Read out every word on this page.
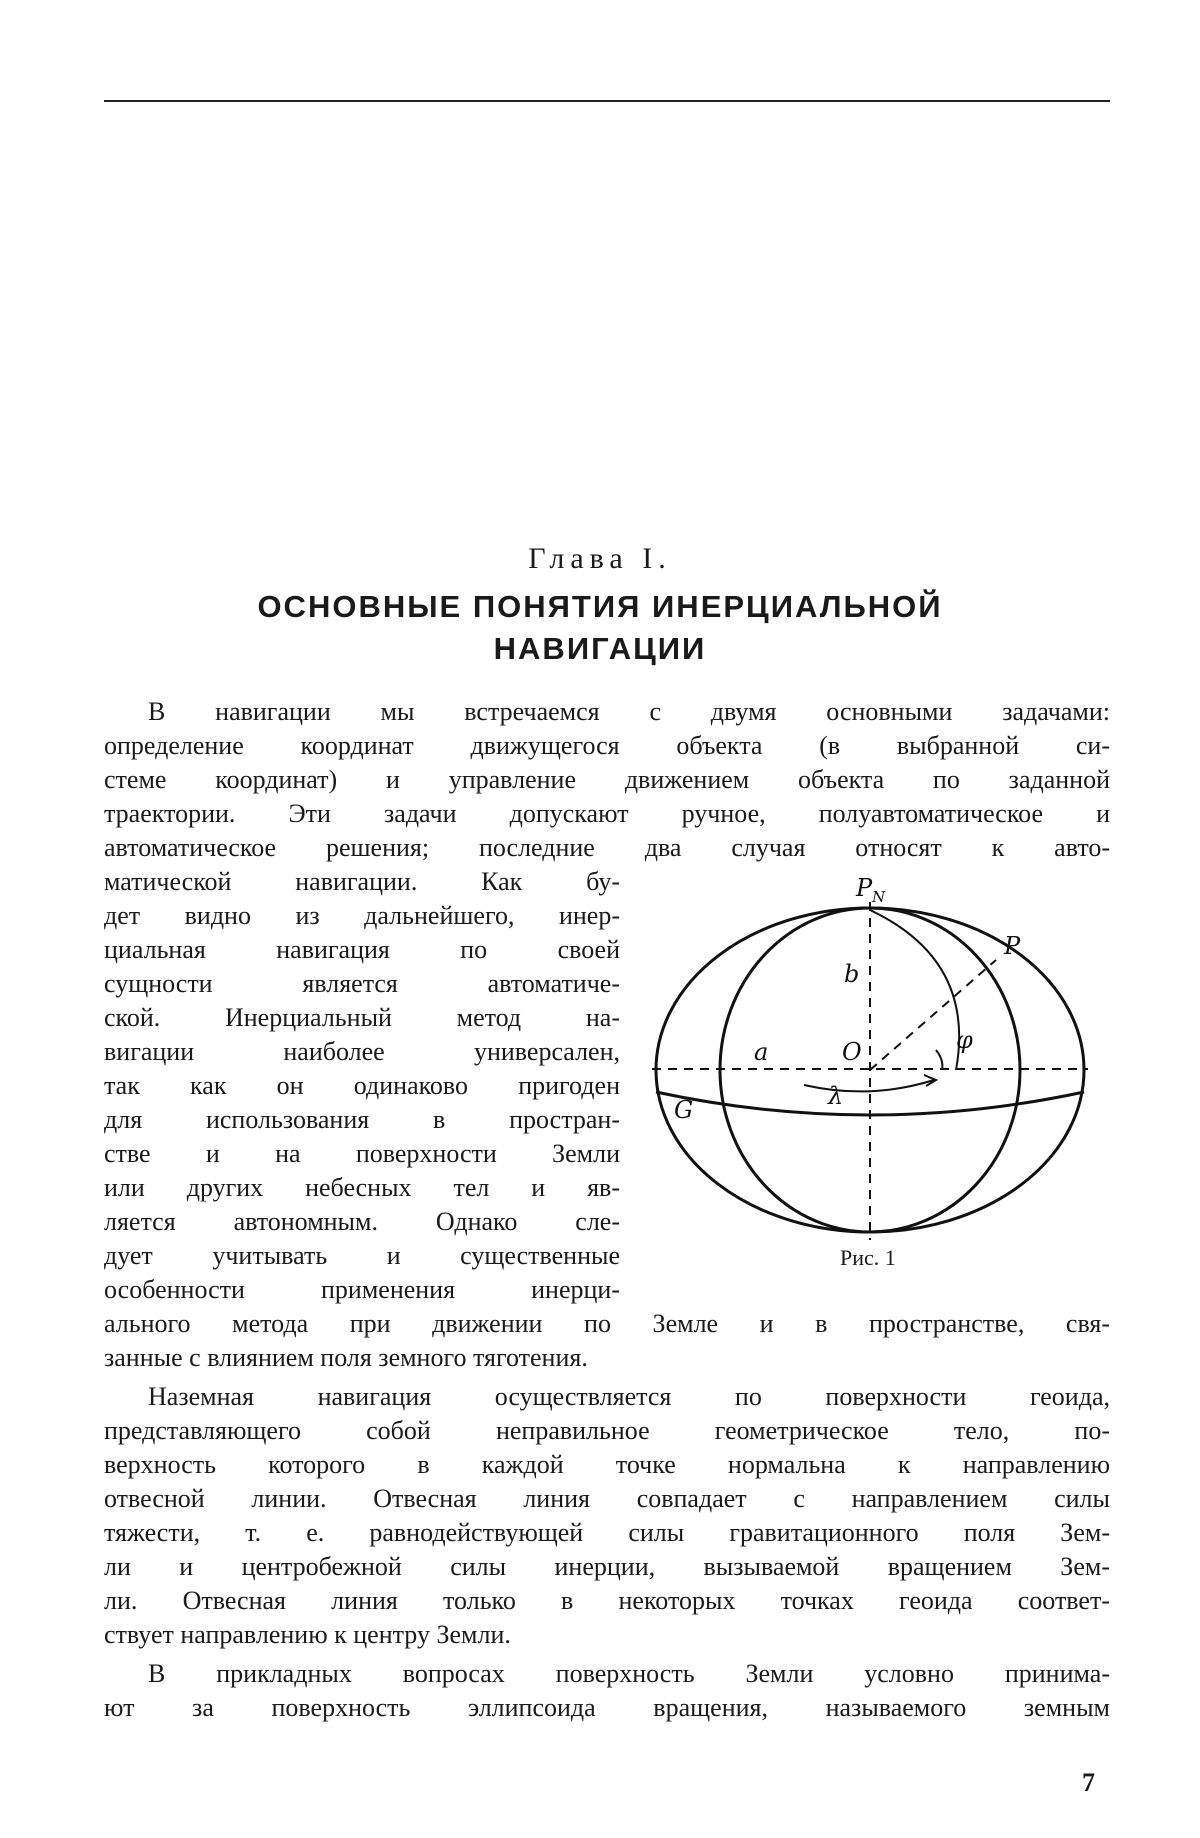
Глава I.
ОСНОВНЫЕ ПОНЯТИЯ ИНЕРЦИАЛЬНОЙ
НАВИГАЦИИ
В навигации мы встречаемся с двумя основными задачами:
определение координат движущегося объекта (в выбранной си-
стеме координат) и управление движением объекта по заданной
траектории. Эти задачи допускают ручное, полуавтоматическое и
автоматическое решения; последние два случая относят к авто-
матической навигации. Как бу-
дет видно из дальнейшего, инер-
циальная навигация по своей
сущности является автоматиче-
ской. Инерциальный метод на-
вигации наиболее универсален,
так как он одинаково пригоден
для использования в простран-
стве и на поверхности Земли
или других небесных тел и яв-
ляется автономным. Однако сле-
дует учитывать и существенные
особенности применения инерци-
ального метода при движении по Земле и в пространстве, свя-
занные с влиянием поля земного тяготения.
P N
P
b
a	O
G	λ
φ
Рис. 1
Наземная навигация осуществляется по поверхности геоида,
представляющего собой неправильное геометрическое тело, по-
верхность которого в каждой точке нормальна к направлению
отвесной линии. Отвесная линия совпадает с направлением силы
тяжести, т. е. равнодействующей силы гравитационного поля Зем-
ли и центробежной силы инерции, вызываемой вращением Зем-
ли. Отвесная линия только в некоторых точках геоида соответ-
ствует направлению к центру Земли.
В прикладных вопросах поверхность Земли условно принима-
ют за поверхность эллипсоида вращения, называемого земным
7
